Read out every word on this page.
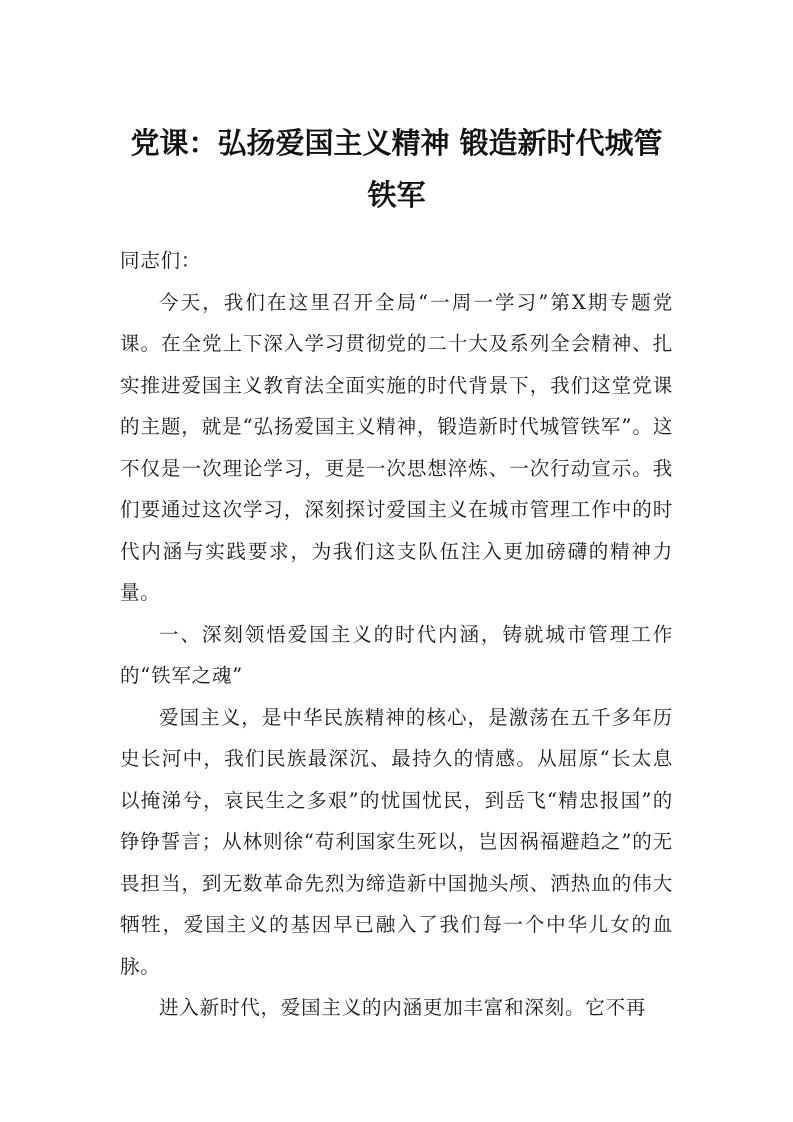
党课：弘扬爱国主义精神 锻造新时代城管
铁军

同志们：

今天，我们在这里召开全局“一周一学习”第X期专题党课。在全党上下深入学习贯彻党的二十大及系列全会精神、扎实推进爱国主义教育法全面实施的时代背景下，我们这堂党课的主题，就是“弘扬爱国主义精神，锻造新时代城管铁军”。这不仅是一次理论学习，更是一次思想淬炼、一次行动宣示。我们要通过这次学习，深刻探讨爱国主义在城市管理工作中的时代内涵与实践要求，为我们这支队伍注入更加磅礴的精神力量。

一、深刻领悟爱国主义的时代内涵，铸就城市管理工作的“铁军之魂”

爱国主义，是中华民族精神的核心，是激荡在五千多年历史长河中，我们民族最深沉、最持久的情感。从屈原“长太息以掩涕兮，哀民生之多艰”的忧国忧民，到岳飞“精忠报国”的铮铮誓言；从林则徐“苟利国家生死以，岂因祸福避趋之”的无畏担当，到无数革命先烈为缔造新中国抛头颅、洒热血的伟大牺牲，爱国主义的基因早已融入了我们每一个中华儿女的血脉。

进入新时代，爱国主义的内涵更加丰富和深刻。它不再
